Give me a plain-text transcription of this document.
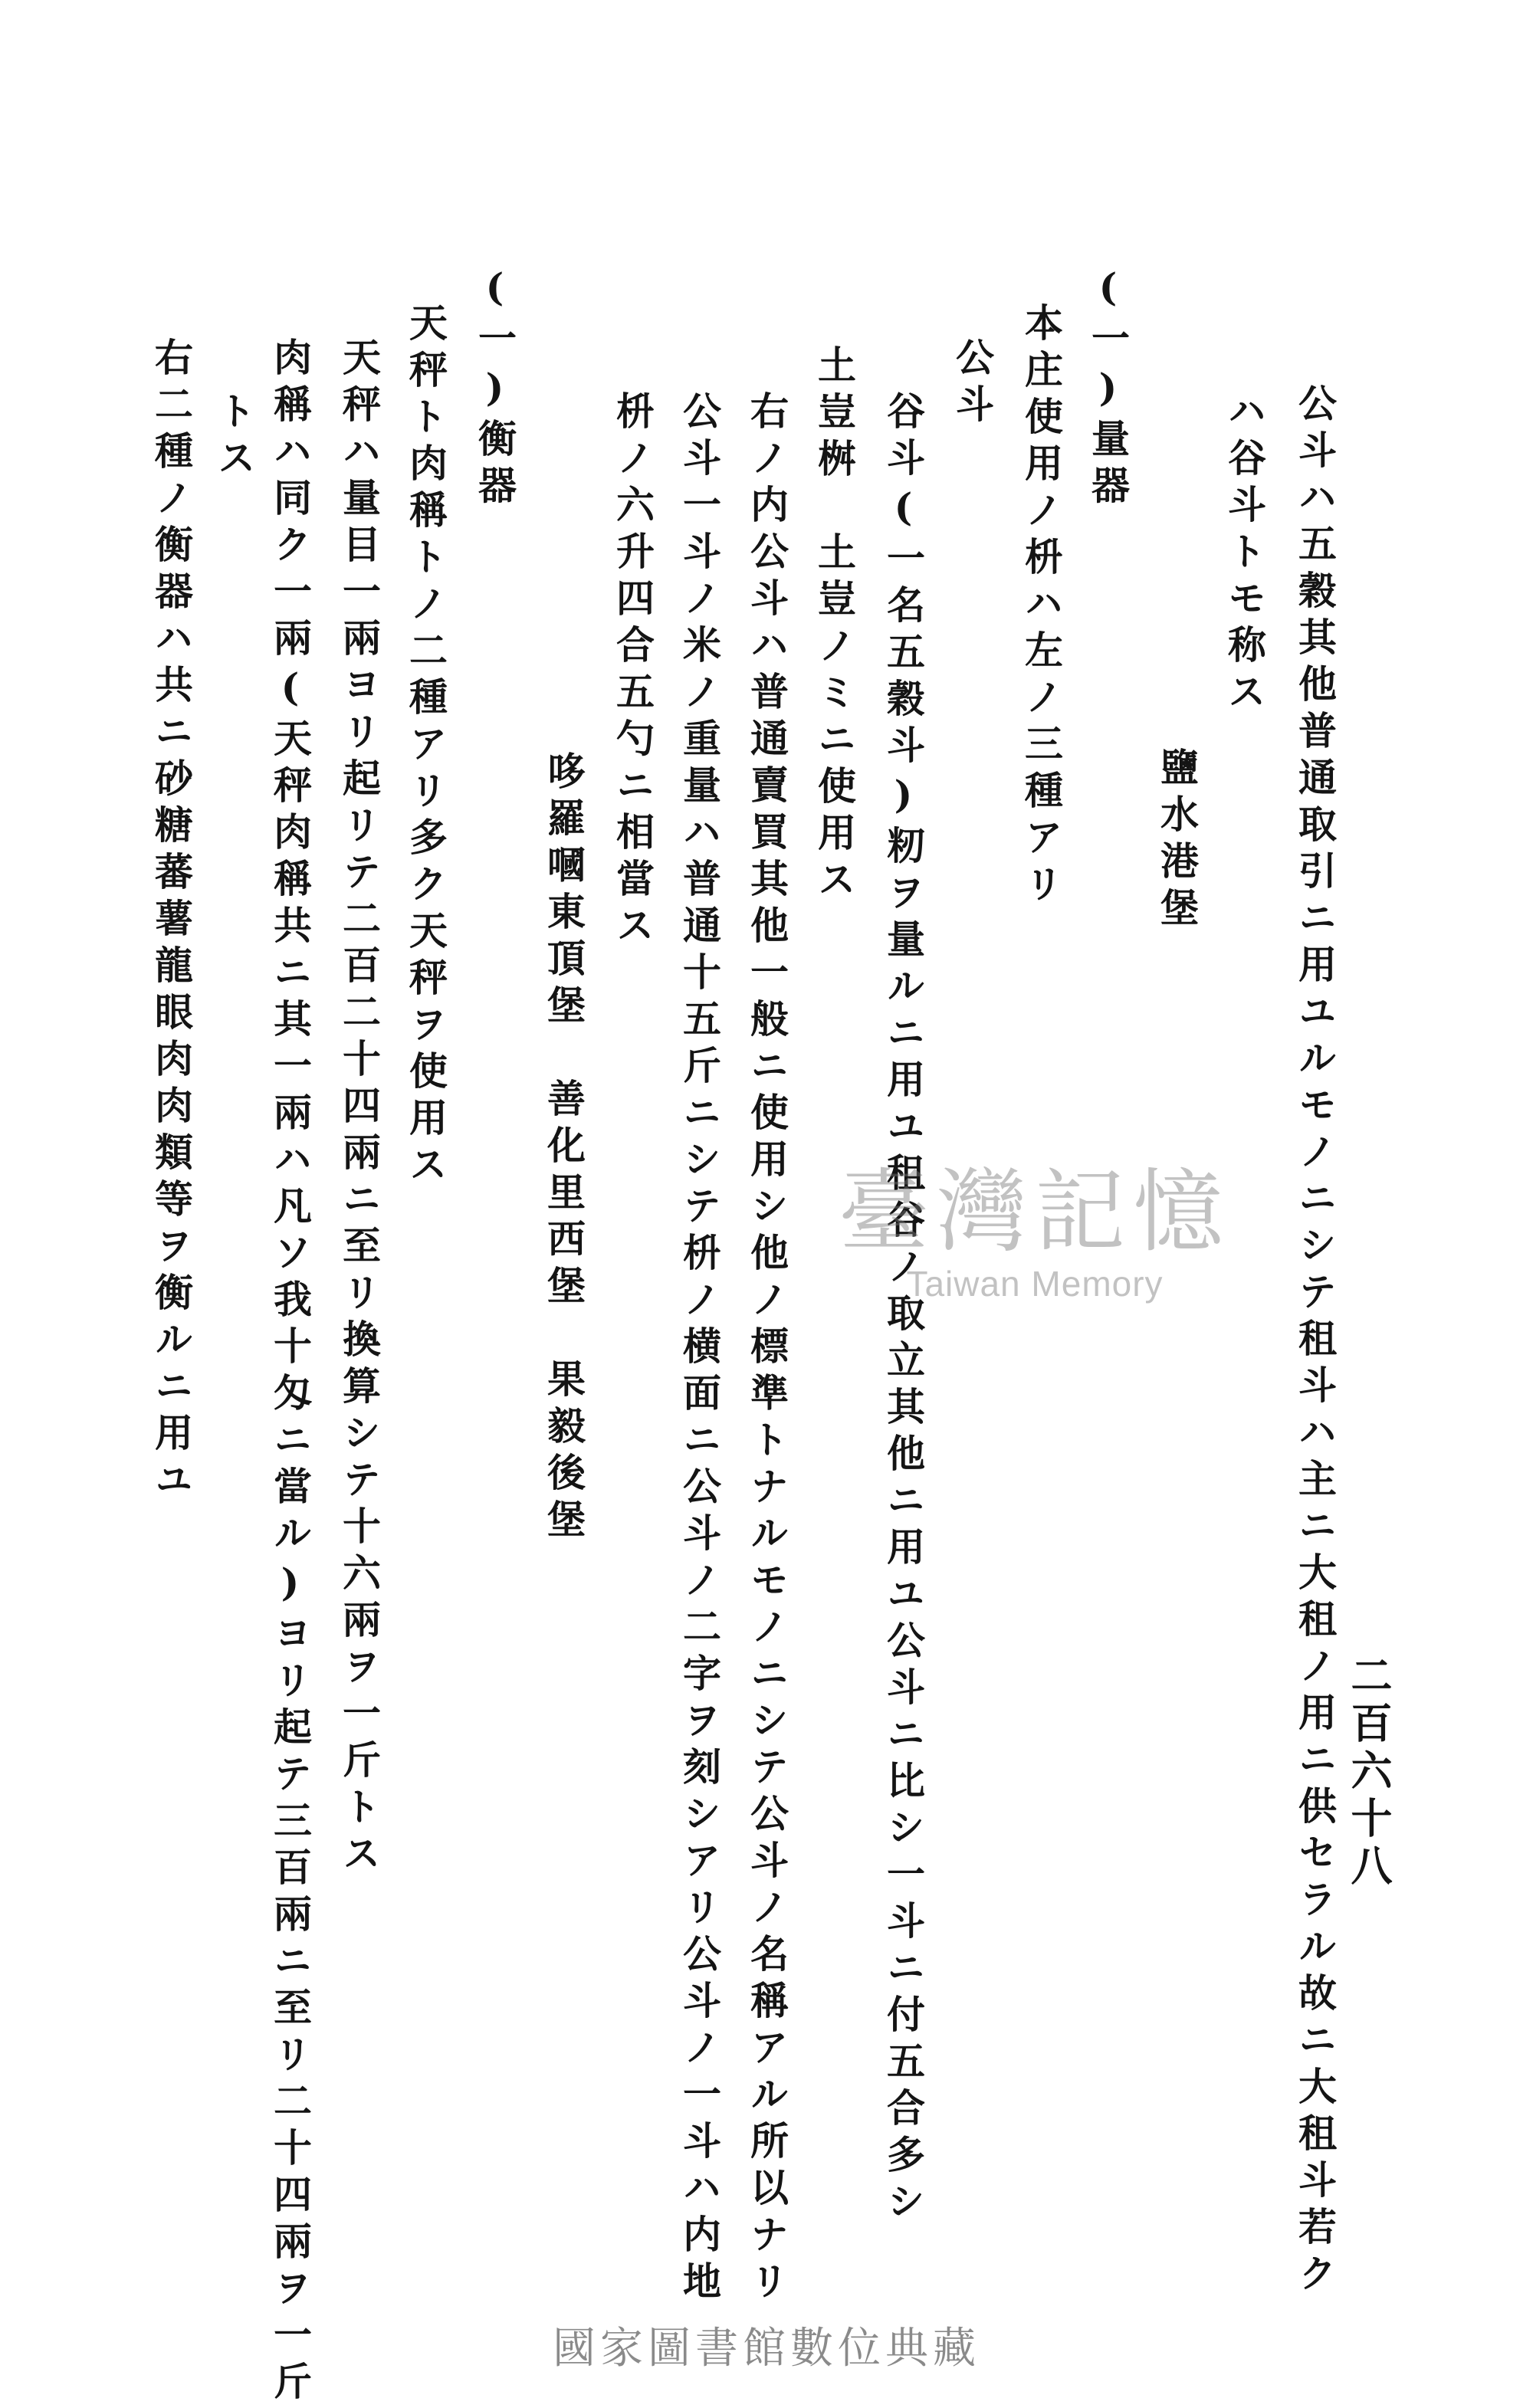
二百六十八
公斗ハ五穀其他普通取引ニ用ユルモノニシテ租斗ハ主ニ大租ノ用ニ供セラル故ニ大租斗若ク
ハ谷斗トモ称ス
鹽水港堡
(一)量器
本庄使用ノ枡ハ左ノ三種アリ
公斗
谷斗(一名五穀斗)籾ヲ量ルニ用ユ租谷ノ取立其他ニ用ユ公斗ニ比シ一斗ニ付五合多シ
土豈桝　土豈ノミニ使用ス
右ノ内公斗ハ普通賣買其他一般ニ使用シ他ノ標準トナルモノニシテ公斗ノ名稱アル所以ナリ
公斗一斗ノ米ノ重量ハ普通十五斤ニシテ枡ノ横面ニ公斗ノ二字ヲ刻シアリ公斗ノ一斗ハ内地
枡ノ六升四合五勺ニ相當ス
哆羅嘓東頂堡　善化里西堡　果毅後堡
(一)衡器
天秤ト肉稱トノ二種アリ多ク天秤ヲ使用ス
天秤ハ量目一兩ヨリ起リテ二百二十四兩ニ至リ換算シテ十六兩ヲ一斤トス
肉稱ハ同ク一兩(天秤肉稱共ニ其一兩ハ凡ソ我十匁ニ當ル)ヨリ起テ三百兩ニ至リ二十四兩ヲ一斤
トス
右二種ノ衡器ハ共ニ砂糖蕃薯龍眼肉肉類等ヲ衡ルニ用ユ	臺灣記憶
Taiwan Memory
國家圖書館數位典藏
